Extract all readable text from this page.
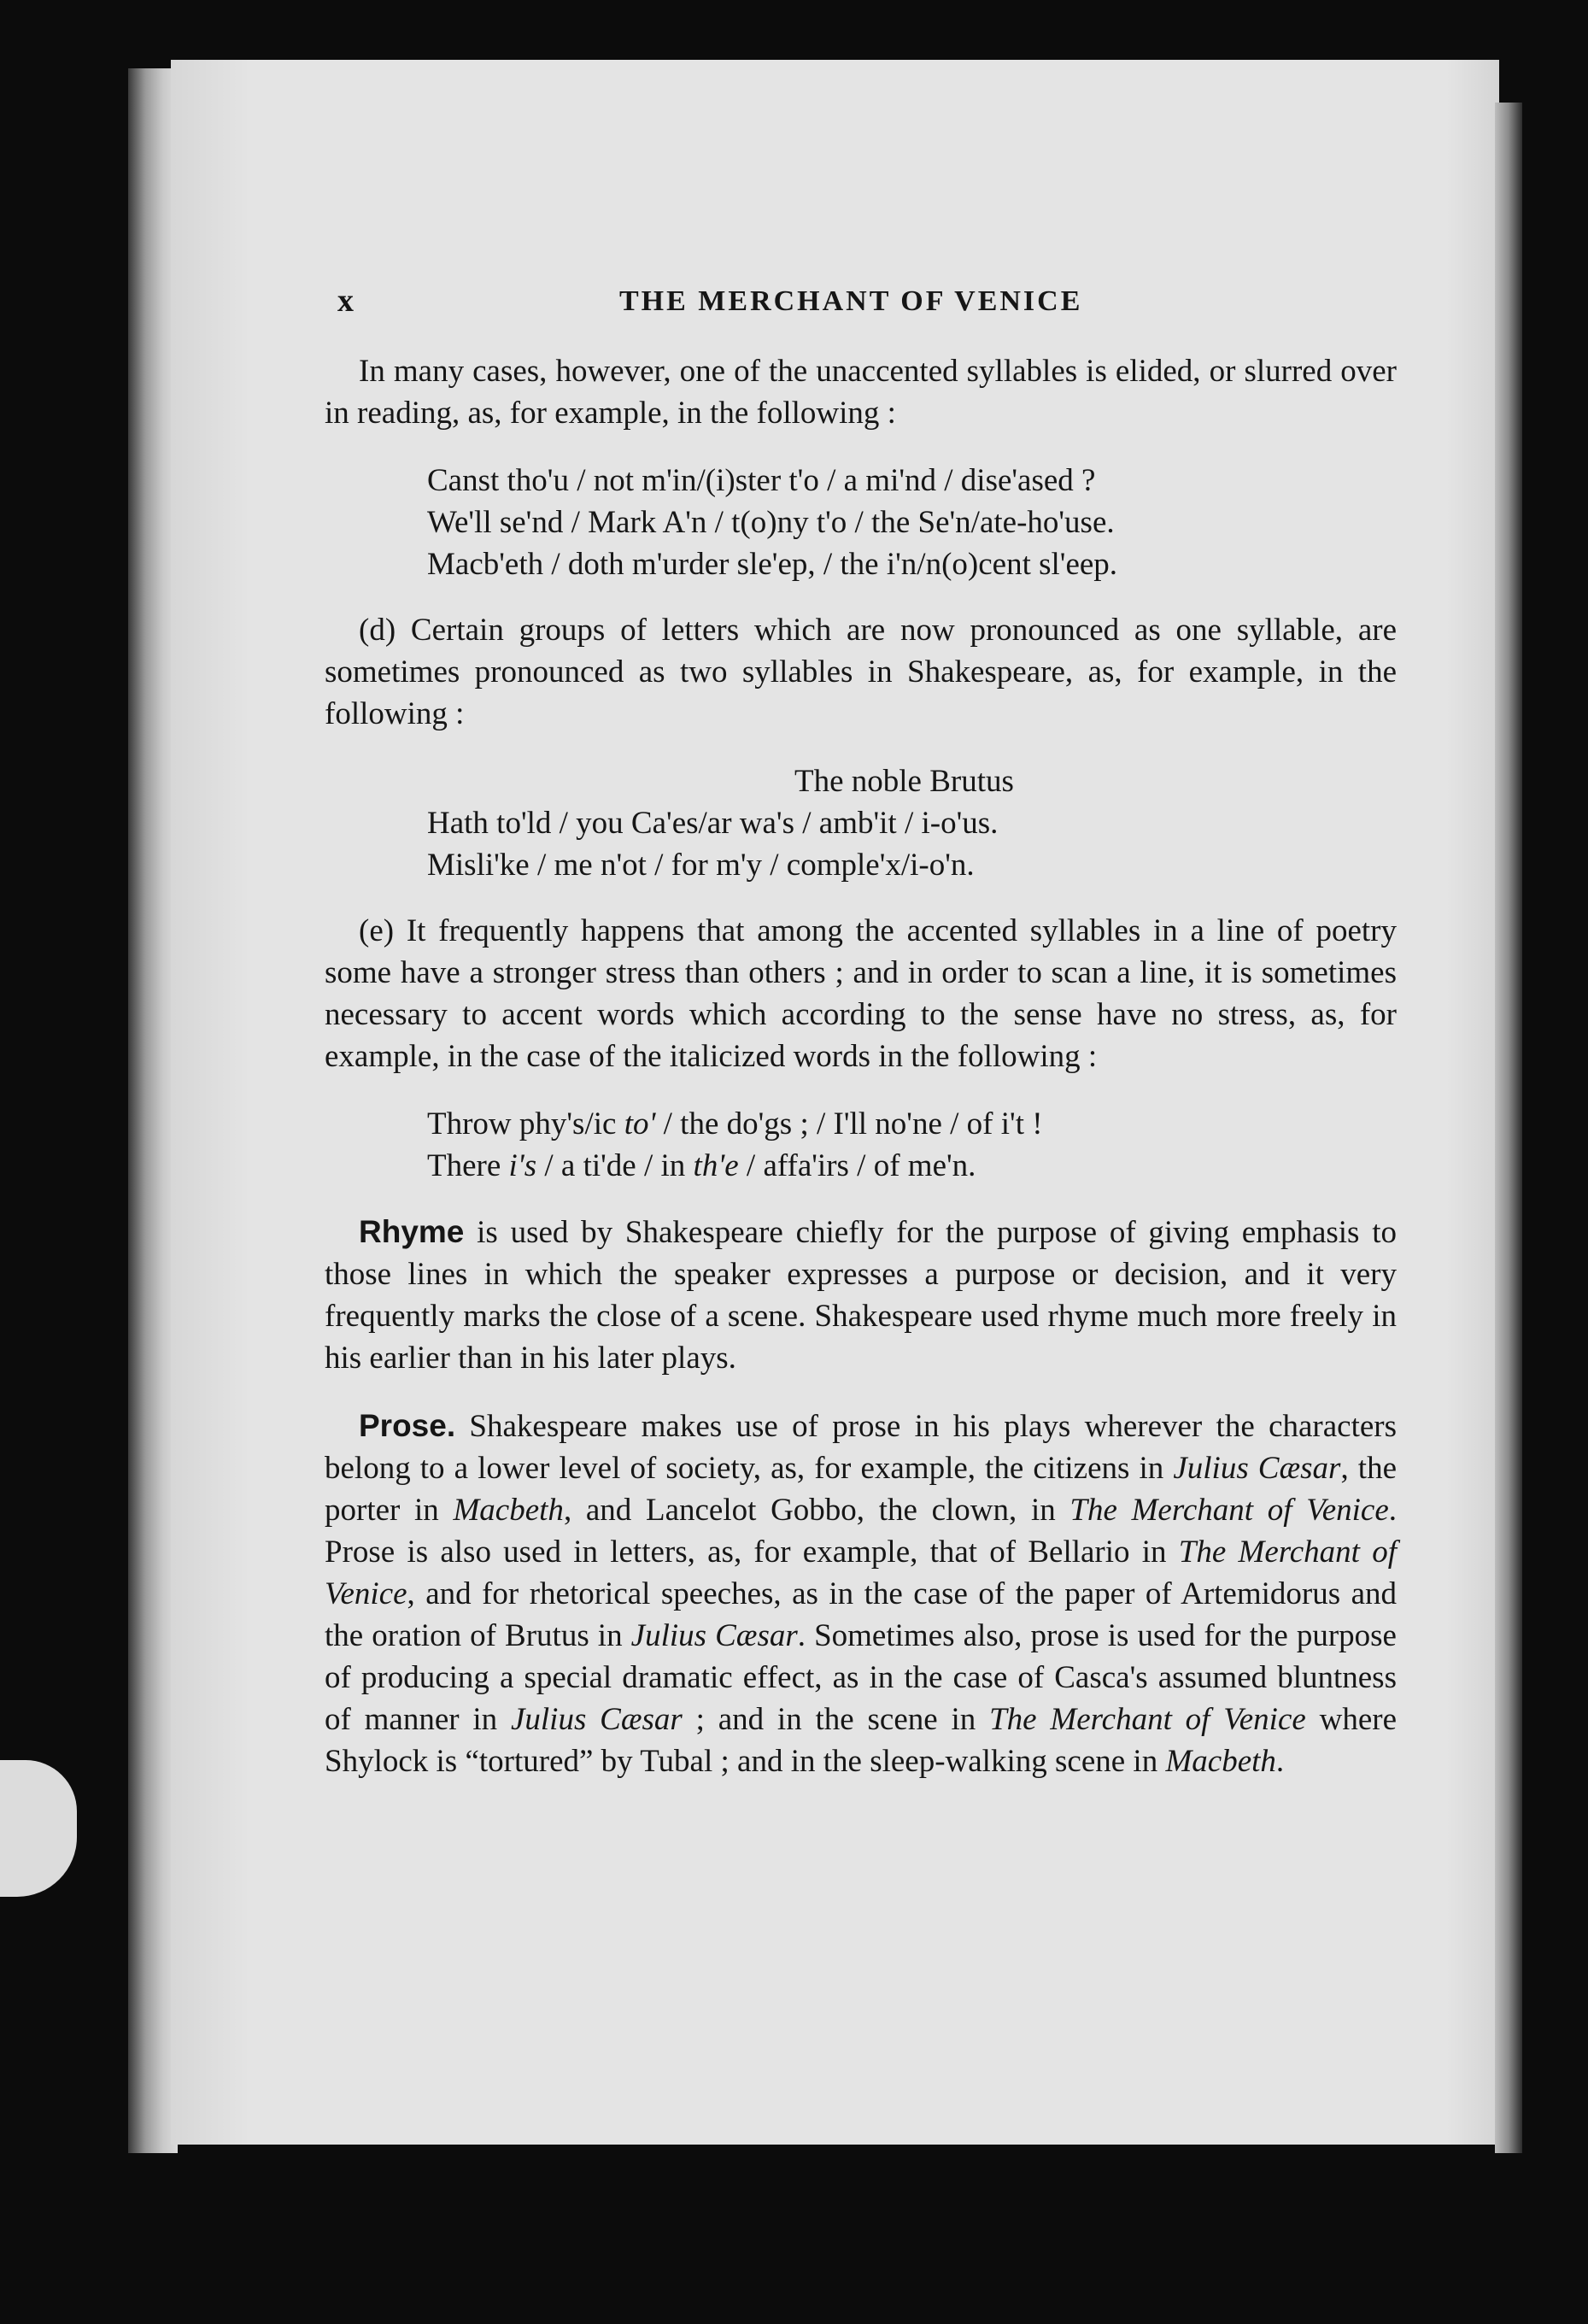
x	THE MERCHANT OF VENICE

In many cases, however, one of the unaccented syllables is elided, or slurred over in reading, as, for example, in the following :

Canst tho'u / not m'in/(i)ster t'o / a mi'nd / dise'ased ?
We'll se'nd / Mark A'n / t(o)ny t'o / the Se'n/ate-ho'use.
Macb'eth / doth m'urder sle'ep, / the i'n/n(o)cent sl'eep.

(d) Certain groups of letters which are now pronounced as one syllable, are sometimes pronounced as two syllables in Shakespeare, as, for example, in the following :

The noble Brutus
Hath to'ld / you Ca'es/ar wa's / amb'it / i-o'us.
Misli'ke / me n'ot / for m'y / comple'x/i-o'n.

(e) It frequently happens that among the accented syllables in a line of poetry some have a stronger stress than others ; and in order to scan a line, it is sometimes necessary to accent words which according to the sense have no stress, as, for example, in the case of the italicized words in the following :

Throw phy's/ic to' / the do'gs ; / I'll no'ne / of i't !
There i's / a ti'de / in th'e / affa'irs / of me'n.

Rhyme is used by Shakespeare chiefly for the purpose of giving emphasis to those lines in which the speaker expresses a purpose or decision, and it very frequently marks the close of a scene. Shakespeare used rhyme much more freely in his earlier than in his later plays.

Prose. Shakespeare makes use of prose in his plays wherever the characters belong to a lower level of society, as, for example, the citizens in Julius Cæsar, the porter in Macbeth, and Lancelot Gobbo, the clown, in The Merchant of Venice. Prose is also used in letters, as, for example, that of Bellario in The Merchant of Venice, and for rhetorical speeches, as in the case of the paper of Artemidorus and the oration of Brutus in Julius Cæsar. Sometimes also, prose is used for the purpose of producing a special dramatic effect, as in the case of Casca's assumed bluntness of manner in Julius Cæsar ; and in the scene in The Merchant of Venice where Shylock is “tortured” by Tubal ; and in the sleep-walking scene in Macbeth.
